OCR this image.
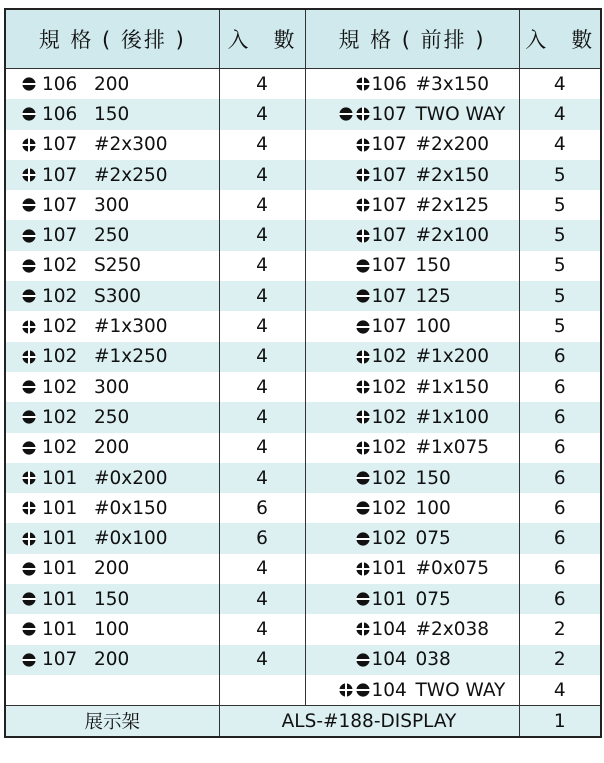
規 格 ( 後排 )	入　數	規 格 ( 前排 )	入　數

106 200	4	106 #3x150	4

106 150	4	107 TWO WAY	4

107 #2x300	4	107 #2x200	4

107 #2x250	4	107 #2x150	5

107 300	4	107 #2x125	5

107 250	4	107 #2x100	5

102 S250	4	107 150	5

102 S300	4	107 125	5

102 #1x300	4	107 100	5

102 #1x250	4	102 #1x200	6

102 300	4	102 #1x150	6

102 250	4	102 #1x100	6

102 200	4	102 #1x075	6

101 #0x200	4	102 150	6

101 #0x150	6	102 100	6

101 #0x100	6	102 075	6

101 200	4	101 #0x075	6

101 150	4	101 075	6

101 100	4	104 #2x038	2

107 200	4	104 038	2

		104 TWO WAY	4
展示架	ALS-#188-DISPLAY		1
